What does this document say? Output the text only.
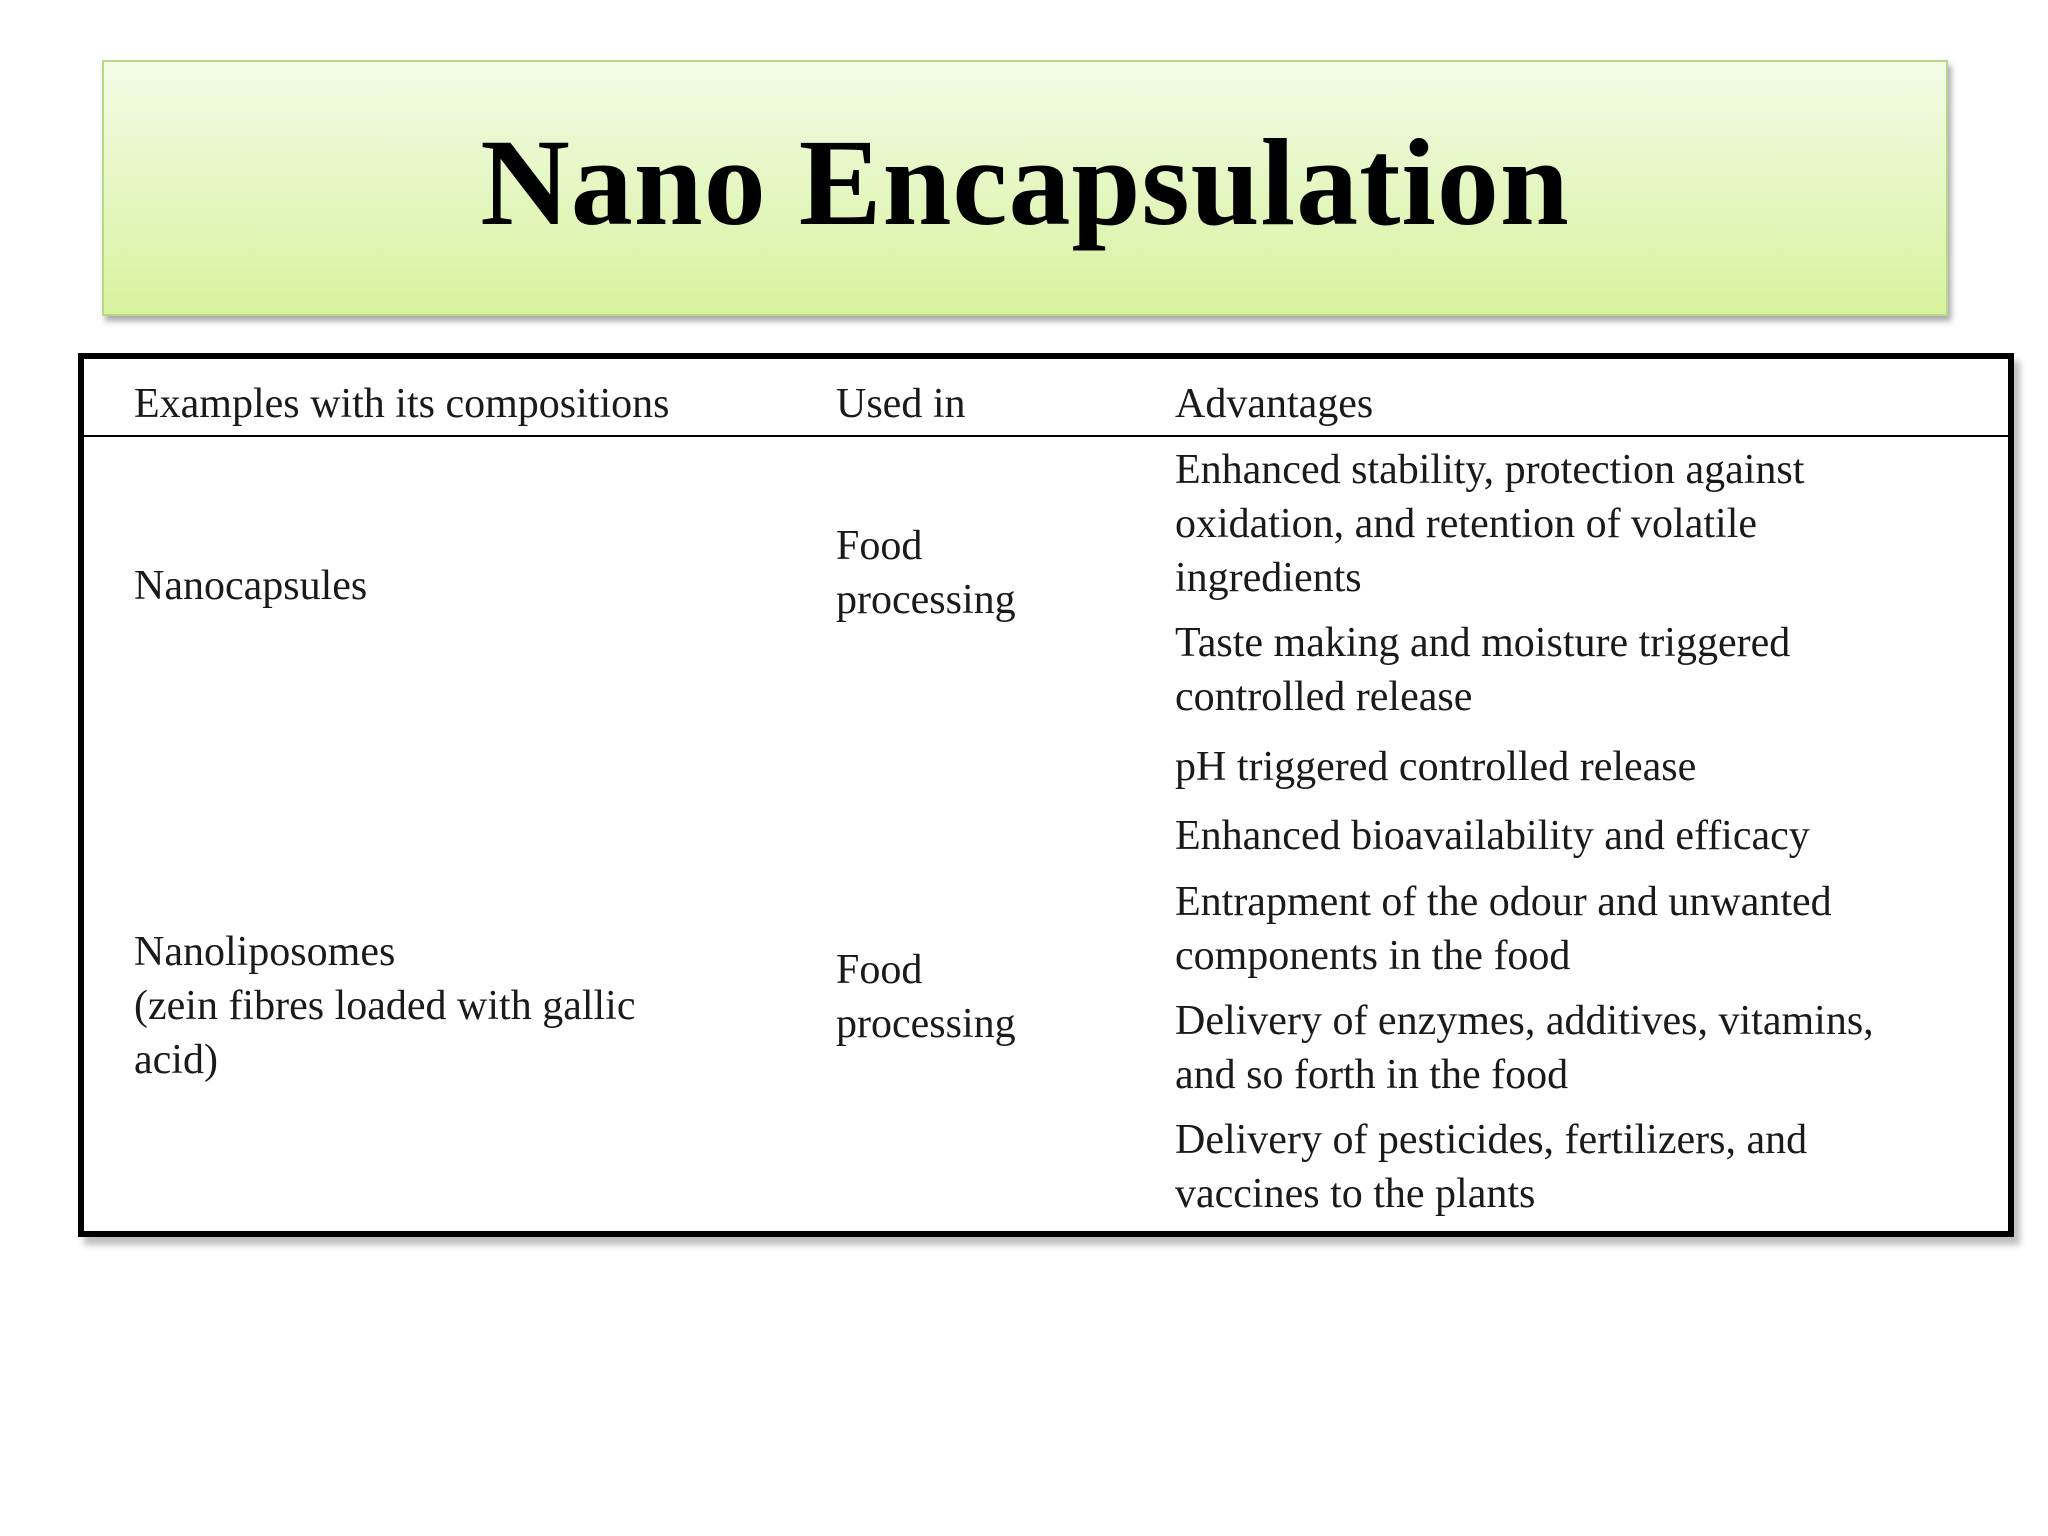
Nano Encapsulation
Examples with its compositions	Used in	Advantages
Nanocapsules
Food
processing
Enhanced stability, protection against
oxidation, and retention of volatile
ingredients
Taste making and moisture triggered
controlled release
pH triggered controlled release
Nanoliposomes
(zein fibres loaded with gallic
acid)
Food
processing
Enhanced bioavailability and efficacy
Entrapment of the odour and unwanted
components in the food
Delivery of enzymes, additives, vitamins,
and so forth in the food
Delivery of pesticides, fertilizers, and
vaccines to the plants
